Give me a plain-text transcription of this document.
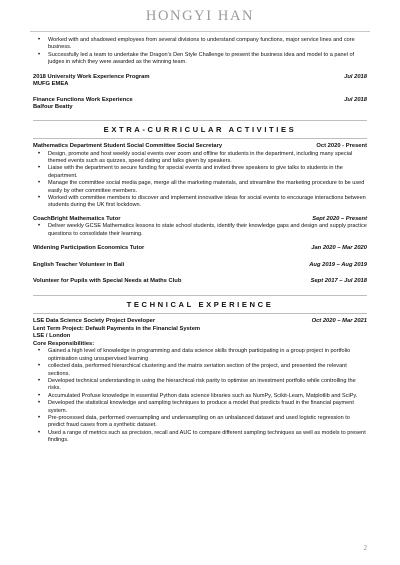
HONGYI HAN
• Worked with and shadowed employees from several divisions to understand company functions, major service lines and core business.
• Successfully led a team to undertake the Dragon’s Den Style Challenge to present the business idea and model to a panel of judges in which they were awarded as the winning team.
2018 University Work Experience Program	Jul 2018
MUFG EMEA
Finance Functions Work Experience	Jul 2018
Balfour Beatty
EXTRA-CURRICULAR ACTIVITIES
Mathematics Department Student Social Committee Social Secretary	Oct 2020 - Present
• Design, promote and host weekly social events over zoom and offline for students in the department, including many special themed events such as quizzes, speed dating and talks given by speakers.
• Liaise with the department to secure funding for special events and invited three speakers to give talks to students in the department.
• Manage the committee social media page, merge all the marketing materials, and streamline the marketing procedure to be used easily by other committee members.
• Worked with committee members to discover and implement innovative ideas for social events to encourage interactions between students during the UK first lockdown.
CoachBright Mathematics Tutor	Sept 2020 – Present
• Deliver weekly GCSE Mathematics lessons to state school students, identify their knowledge gaps and design and supply practice questions to consolidate their learning.
Widening Participation Economics Tutor	Jan 2020 – Mar 2020
English Teacher Volunteer in Bali	Aug 2019 – Aug 2019
Volunteer for Pupils with Special Needs at Maths Club	Sept 2017 – Jul 2018
TECHNICAL EXPERIENCE
LSE Data Science Society Project Developer	Oct 2020 – Mar 2021
Lent Term Project: Default Payments in the Financial System
LSE / London
Core Responsibilities:
• Gained a high level of knowledge in programming and data science skills through participating in a group project in portfolio optimisation using unsupervised learning
• collected data, performed hierarchical clustering and the matrix seriation section of the project, and presented the relevant sections.
• Developed technical understanding in using the hierarchical risk parity to optimise an investment portfolio while controlling the risks.
• Accumulated Profuse knowledge in essential Python data science libraries such as NumPy, Scikit-Learn, Matplotlib and SciPy.
• Developed the statistical knowledge and sampling techniques to produce a model that predicts fraud in the financial payment system.
• Pre-processed data, performed oversampling and undersampling on an unbalanced dataset and used logistic regression to predict fraud cases from a synthetic dataset.
• Used a range of metrics such as precision, recall and AUC to compare different sampling techniques as well as models to present findings.
2
